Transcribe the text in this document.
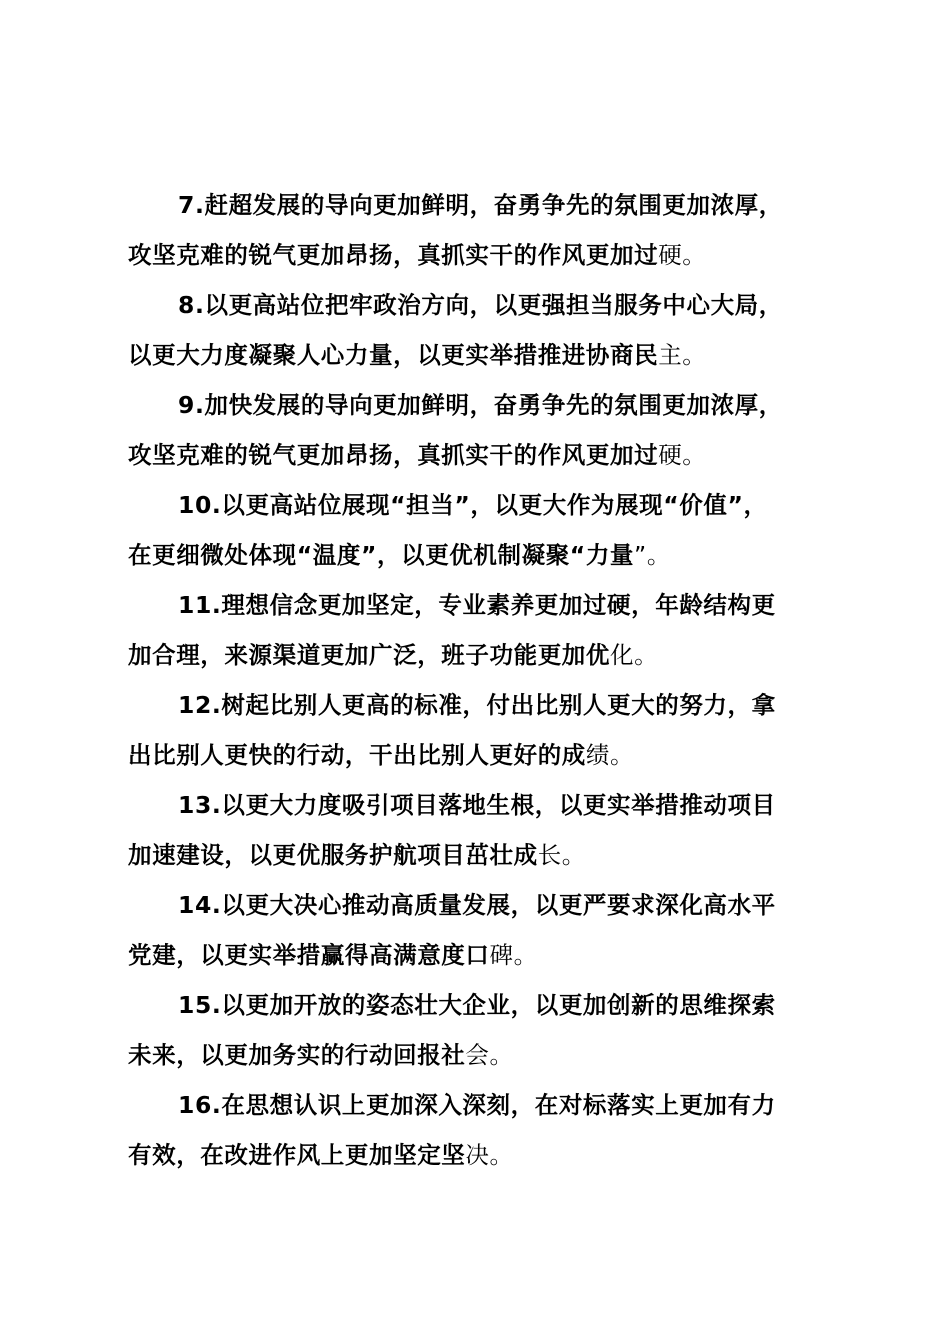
7.赶超发展的导向更加鲜明，奋勇争先的氛围更加浓厚，
攻坚克难的锐气更加昂扬，真抓实干的作风更加过硬。
8.以更高站位把牢政治方向，以更强担当服务中心大局，
以更大力度凝聚人心力量，以更实举措推进协商民主。
9.加快发展的导向更加鲜明，奋勇争先的氛围更加浓厚，
攻坚克难的锐气更加昂扬，真抓实干的作风更加过硬。
10.以更高站位展现“担当”，以更大作为展现“价值”，
在更细微处体现“温度”，以更优机制凝聚“力量”。
11.理想信念更加坚定，专业素养更加过硬，年龄结构更
加合理，来源渠道更加广泛，班子功能更加优化。
12.树起比别人更高的标准，付出比别人更大的努力，拿
出比别人更快的行动，干出比别人更好的成绩。
13.以更大力度吸引项目落地生根，以更实举措推动项目
加速建设，以更优服务护航项目茁壮成长。
14.以更大决心推动高质量发展，以更严要求深化高水平
党建，以更实举措赢得高满意度口碑。
15.以更加开放的姿态壮大企业，以更加创新的思维探索
未来，以更加务实的行动回报社会。
16.在思想认识上更加深入深刻，在对标落实上更加有力
有效，在改进作风上更加坚定坚决。
